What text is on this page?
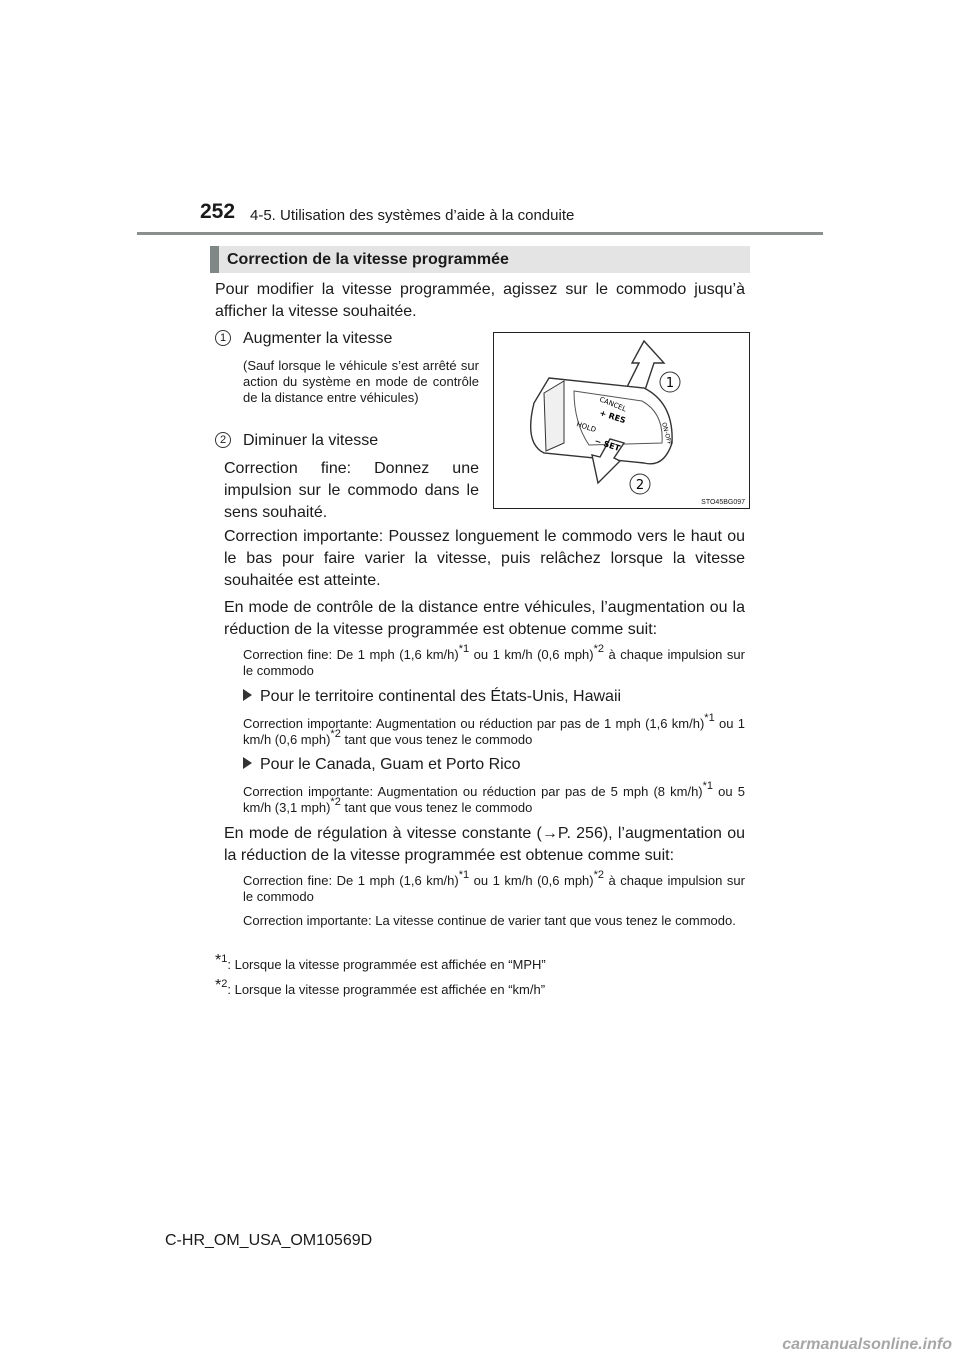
252 4-5. Utilisation des systèmes d’aide à la conduite
Correction de la vitesse programmée
Pour modifier la vitesse programmée, agissez sur le commodo jusqu’à afficher la vitesse souhaitée.
1	Augmenter la vitesse
(Sauf lorsque le véhicule s’est arrêté sur action du système en mode de contrôle de la distance entre véhicules)
2	Diminuer la vitesse
Correction fine: Donnez une impulsion sur le commodo dans le sens souhaité.
CANCEL
+ RES
HOLD
− SET	ON-OFF
1
2
STO45BG097
Correction importante: Poussez longuement le commodo vers le haut ou le bas pour faire varier la vitesse, puis relâchez lorsque la vitesse souhaitée est atteinte.
En mode de contrôle de la distance entre véhicules, l’augmentation ou la réduction de la vitesse programmée est obtenue comme suit:
Correction fine: De 1 mph (1,6 km/h)$^{*1}$ ou 1 km/h (0,6 mph)$^{*2}$ à chaque impulsion sur le commodo
Pour le territoire continental des États-Unis, Hawaii
Correction importante: Augmentation ou réduction par pas de 1 mph (1,6 km/h)$^{*1}$ ou 1 km/h (0,6 mph)$^{*2}$ tant que vous tenez le commodo
Pour le Canada, Guam et Porto Rico
Correction importante: Augmentation ou réduction par pas de 5 mph (8 km/h)$^{*1}$ ou 5 km/h (3,1 mph)$^{*2}$ tant que vous tenez le commodo
En mode de régulation à vitesse constante (→P. 256), l’augmentation ou la réduction de la vitesse programmée est obtenue comme suit:
Correction fine: De 1 mph (1,6 km/h)$^{*1}$ ou 1 km/h (0,6 mph)$^{*2}$ à chaque impulsion sur le commodo
Correction importante: La vitesse continue de varier tant que vous tenez le commodo.
*$^1$: Lorsque la vitesse programmée est affichée en “MPH”
*$^2$: Lorsque la vitesse programmée est affichée en “km/h”
C-HR_OM_USA_OM10569D
carmanualsonline.info
